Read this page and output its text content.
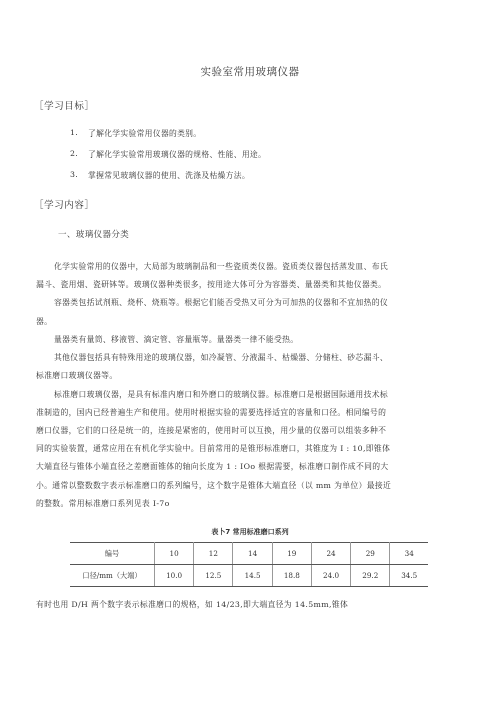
实验室常用玻璃仪器
［学习目标］
1. 了解化学实验常用仪器的类别。
2. 了解化学实验常用玻璃仪器的规格、性能、用途。
3. 掌握常见玻璃仪器的使用、洗涤及枯燥方法。
［学习内容］
一、玻璃仪器分类
化学实验常用的仪器中，大局部为玻璃制品和一些瓷质类仪器。瓷质类仪器包括蒸发皿、布氏
漏斗、瓷用烟、瓷研钵等。玻璃仪器种类很多，按用途大体可分为容器类、量器类和其他仪器类。
容器类包括试剂瓶、烧杯、烧瓶等。根据它们能否受热又可分为可加热的仪器和不宜加热的仪
器。
量器类有量筒、移液管、滴定管、容量瓶等。量器类一律不能受热。
其他仪器包括具有特殊用途的玻璃仪器，如冷凝管、分液漏斗、枯燥器、分储柱、砂芯漏斗、
标准磨口玻璃仪器等。
标准磨口玻璃仪器，是具有标准内磨口和外磨口的玻璃仪器。标准磨口是根据国际通用技术标
准制造的，国内已经普遍生产和使用。使用时根据实验的需要选择适宜的容量和口径。相同编号的
磨口仪器，它们的口径是统一的，连接是紧密的，使用时可以互换，用少量的仪器可以组装多种不
同的实验装置，通常应用在有机化学实验中。目前常用的是锥形标准磨口，其锥度为 I : 10,即锥体
大端直径与锥体小端直径之差磨面锥体的轴向长度为 1 : IOo 根据需要，标准磨口制作成不同的大
小。通常以整数数字表示标准磨口的系列编号，这个数字是锥体大端直径（以 mm 为单位）最接近
的整数。常用标准磨口系列见表 I-7o
表卜7 常用标准磨口系列
编号	10	12	14	19	24	29	34
口径/mm（大端）	10.0	12.5	14.5	18.8	24.0	29.2	34.5
有时也用 D/H 两个数字表示标准磨口的规格，如 14/23,即大端直径为 14.5mm,锥体
